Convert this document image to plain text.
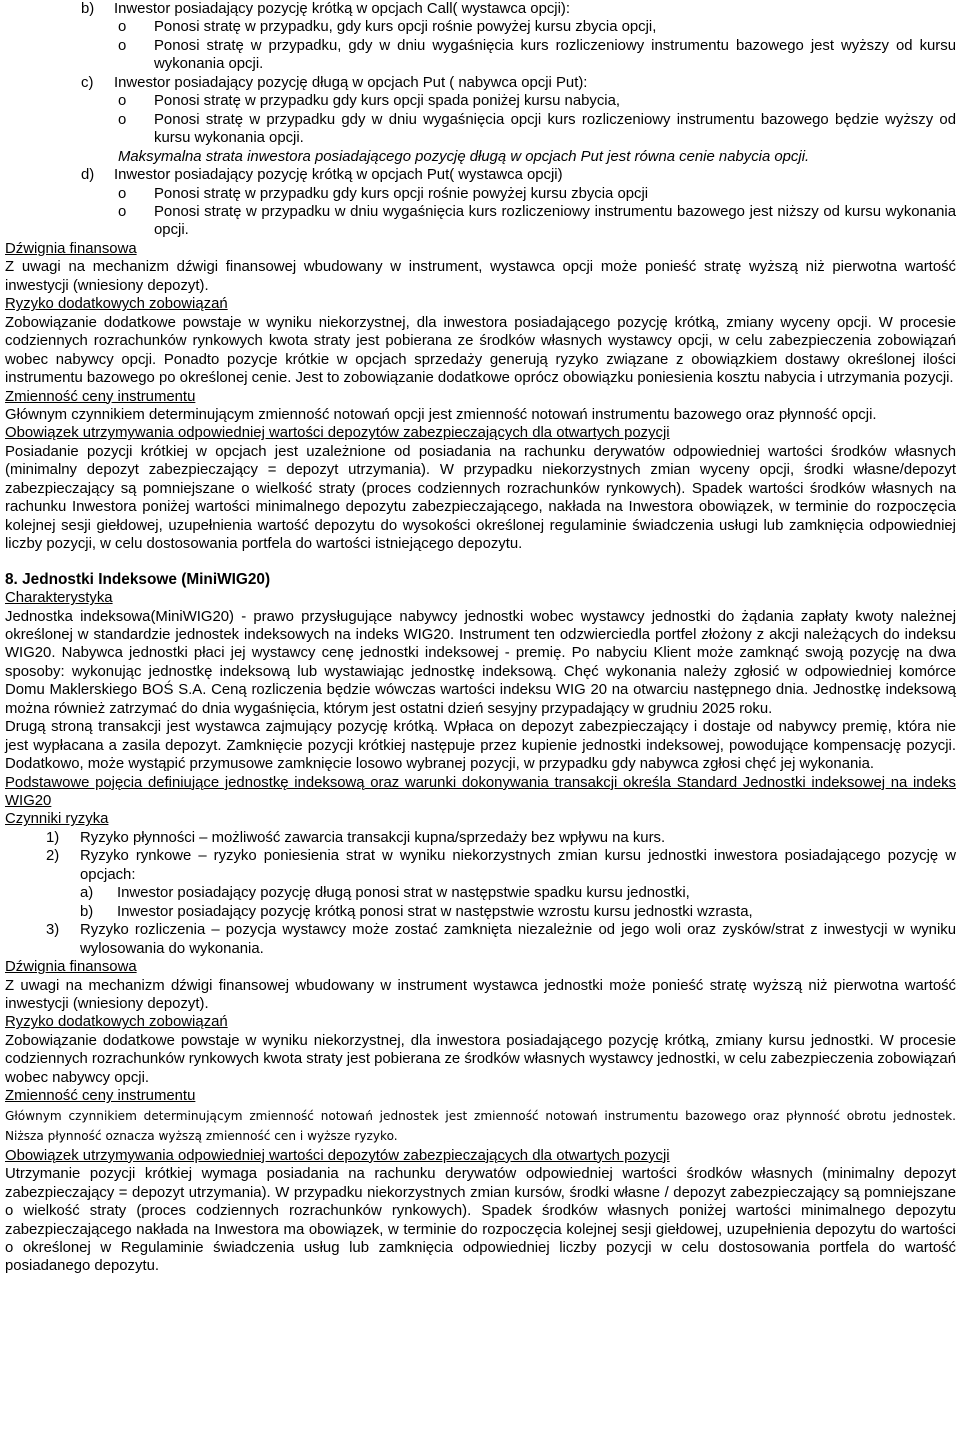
b)	Inwestor posiadający pozycję krótką w opcjach Call( wystawca opcji):
o	Ponosi stratę w przypadku, gdy kurs opcji rośnie powyżej kursu zbycia opcji,
o	Ponosi stratę w przypadku, gdy w dniu wygaśnięcia kurs rozliczeniowy instrumentu bazowego jest wyższy od kursu wykonania opcji.
c)	Inwestor posiadający pozycję długą w opcjach Put ( nabywca opcji Put):
o	Ponosi stratę w przypadku gdy kurs opcji spada poniżej kursu nabycia,
o	Ponosi stratę w przypadku gdy w dniu wygaśnięcia opcji kurs rozliczeniowy instrumentu bazowego będzie wyższy od kursu wykonania opcji.

Maksymalna strata inwestora posiadającego pozycję długą w opcjach Put jest równa cenie nabycia opcji.

d)	Inwestor posiadający pozycję krótką w opcjach Put( wystawca opcji)
o	Ponosi stratę w przypadku gdy kurs opcji rośnie powyżej kursu zbycia opcji
o	Ponosi stratę w przypadku w dniu wygaśnięcia kurs rozliczeniowy instrumentu bazowego jest niższy od kursu wykonania opcji.

Dźwignia finansowa

Z uwagi na mechanizm dźwigi finansowej wbudowany w instrument, wystawca opcji może ponieść stratę wyższą niż pierwotna wartość inwestycji (wniesiony depozyt).

Ryzyko dodatkowych zobowiązań

Zobowiązanie dodatkowe powstaje w wyniku niekorzystnej, dla inwestora posiadającego pozycję krótką, zmiany wyceny opcji. W procesie codziennych rozrachunków rynkowych kwota straty jest pobierana ze środków własnych wystawcy opcji, w celu zabezpieczenia zobowiązań wobec nabywcy opcji. Ponadto pozycje krótkie w opcjach sprzedaży generują ryzyko związane z obowiązkiem dostawy określonej ilości instrumentu bazowego po określonej cenie. Jest to zobowiązanie dodatkowe oprócz obowiązku poniesienia kosztu nabycia i utrzymania pozycji.

Zmienność ceny instrumentu

Głównym czynnikiem determinującym zmienność notowań opcji jest zmienność notowań instrumentu bazowego oraz płynność opcji.

Obowiązek utrzymywania odpowiedniej wartości depozytów zabezpieczających dla otwartych pozycji

Posiadanie pozycji krótkiej w opcjach jest uzależnione od posiadania na rachunku derywatów odpowiedniej wartości środków własnych (minimalny depozyt zabezpieczający = depozyt utrzymania). W przypadku niekorzystnych zmian wyceny opcji, środki własne/depozyt zabezpieczający są pomniejszane o wielkość straty (proces codziennych rozrachunków rynkowych). Spadek wartości środków własnych na rachunku Inwestora poniżej wartości minimalnego depozytu zabezpieczającego, nakłada na Inwestora obowiązek, w terminie do rozpoczęcia kolejnej sesji giełdowej, uzupełnienia wartość depozytu do wysokości określonej regulaminie świadczenia usługi lub zamknięcia odpowiedniej liczby pozycji, w celu dostosowania portfela do wartości istniejącego depozytu.

8. Jednostki Indeksowe (MiniWIG20)

Charakterystyka

Jednostka indeksowa(MiniWIG20) - prawo przysługujące nabywcy jednostki wobec wystawcy jednostki do żądania zapłaty kwoty należnej określonej w standardzie jednostek indeksowych na indeks WIG20. Instrument ten odzwierciedla portfel złożony z akcji należących do indeksu WIG20. Nabywca jednostki płaci jej wystawcy cenę jednostki indeksowej - premię. Po nabyciu Klient może zamknąć swoją pozycję na dwa sposoby: wykonując jednostkę indeksową lub wystawiając jednostkę indeksową. Chęć wykonania należy zgłosić w odpowiedniej komórce Domu Maklerskiego BOŚ S.A. Ceną rozliczenia będzie wówczas wartości indeksu WIG 20 na otwarciu następnego dnia. Jednostkę indeksową można również zatrzymać do dnia wygaśnięcia, którym jest ostatni dzień sesyjny przypadający w grudniu 2025 roku.

Drugą stroną transakcji jest wystawca zajmujący pozycję krótką. Wpłaca on depozyt zabezpieczający i dostaje od nabywcy premię, która nie jest wypłacana a zasila depozyt. Zamknięcie pozycji krótkiej następuje przez kupienie jednostki indeksowej, powodujące kompensację pozycji. Dodatkowo, może wystąpić przymusowe zamknięcie losowo wybranej pozycji, w przypadku gdy nabywca zgłosi chęć jej wykonania.

Podstawowe pojęcia definiujące jednostkę indeksową oraz warunki dokonywania transakcji określa Standard Jednostki indeksowej na indeks WIG20

Czynniki ryzyka

1)	Ryzyko płynności – możliwość zawarcia transakcji kupna/sprzedaży bez wpływu na kurs.
2)	Ryzyko rynkowe – ryzyko poniesienia strat w wyniku niekorzystnych zmian kursu jednostki inwestora posiadającego pozycję w opcjach:
a)	Inwestor posiadający pozycję długą ponosi strat w następstwie spadku kursu jednostki,
b)	Inwestor posiadający pozycję krótką ponosi strat w następstwie wzrostu kursu jednostki wzrasta,
3)	Ryzyko rozliczenia – pozycja wystawcy może zostać zamknięta niezależnie od jego woli oraz zysków/strat z inwestycji w wyniku wylosowania do wykonania.

Dźwignia finansowa

Z uwagi na mechanizm dźwigi finansowej wbudowany w instrument wystawca jednostki może ponieść stratę wyższą niż pierwotna wartość inwestycji (wniesiony depozyt).

Ryzyko dodatkowych zobowiązań

Zobowiązanie dodatkowe powstaje w wyniku niekorzystnej, dla inwestora posiadającego pozycję krótką, zmiany kursu jednostki. W procesie codziennych rozrachunków rynkowych kwota straty jest pobierana ze środków własnych wystawcy jednostki, w celu zabezpieczenia zobowiązań wobec nabywcy opcji.

Zmienność ceny instrumentu

Głównym czynnikiem determinującym zmienność notowań jednostek jest zmienność notowań instrumentu bazowego oraz płynność obrotu jednostek. Niższa płynność oznacza wyższą zmienność cen i wyższe ryzyko.

Obowiązek utrzymywania odpowiedniej wartości depozytów zabezpieczających dla otwartych pozycji

Utrzymanie pozycji krótkiej wymaga posiadania na rachunku derywatów odpowiedniej wartości środków własnych (minimalny depozyt zabezpieczający = depozyt utrzymania). W przypadku niekorzystnych zmian kursów, środki własne / depozyt zabezpieczający są pomniejszane o wielkość straty (proces codziennych rozrachunków rynkowych). Spadek środków własnych poniżej wartości minimalnego depozytu zabezpieczającego nakłada na Inwestora ma obowiązek, w terminie do rozpoczęcia kolejnej sesji giełdowej, uzupełnienia depozytu do wartości o określonej w Regulaminie świadczenia usług lub zamknięcia odpowiedniej liczby pozycji w celu dostosowania portfela do wartość posiadanego depozytu.
